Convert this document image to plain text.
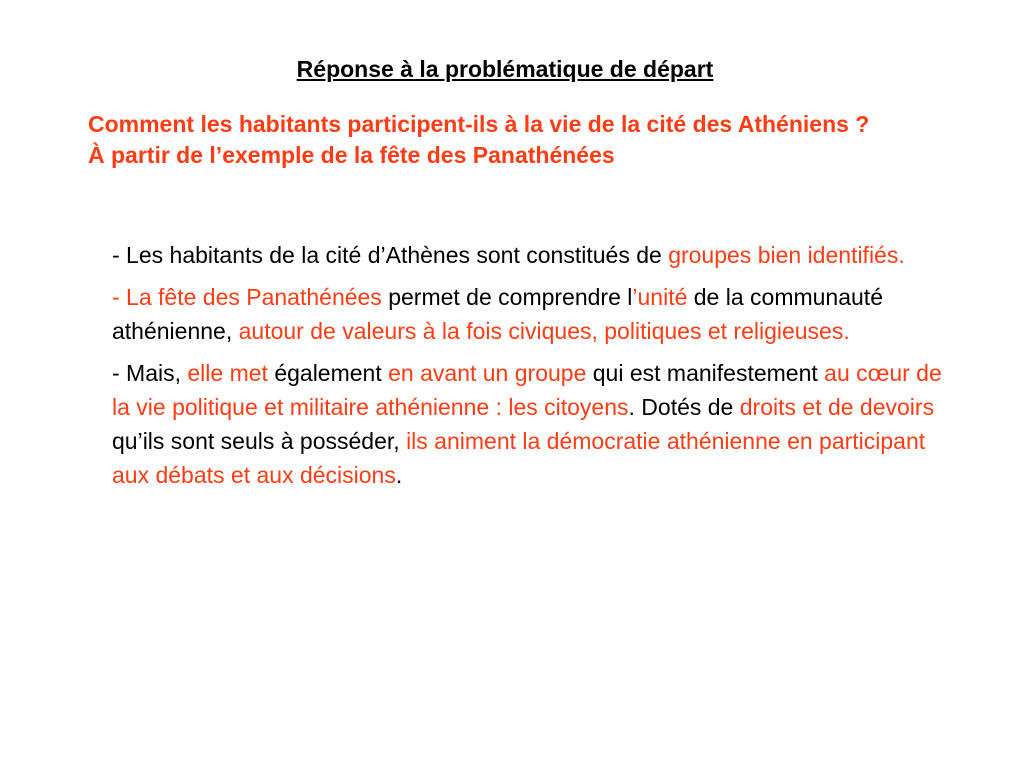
Réponse à la problématique de départ
Comment les habitants participent-ils à la vie de la cité des Athéniens ?
À partir de l’exemple de la fête des Panathénées

- Les habitants de la cité d’Athènes sont constitués de groupes bien identifiés.

- La fête des Panathénées permet de comprendre l’unité de la communauté athénienne, autour de valeurs à la fois civiques, politiques et religieuses.

- Mais, elle met également en avant un groupe qui est manifestement au cœur de la vie politique et militaire athénienne : les citoyens. Dotés de droits et de devoirs qu’ils sont seuls à posséder, ils animent la démocratie athénienne en participant aux débats et aux décisions.
